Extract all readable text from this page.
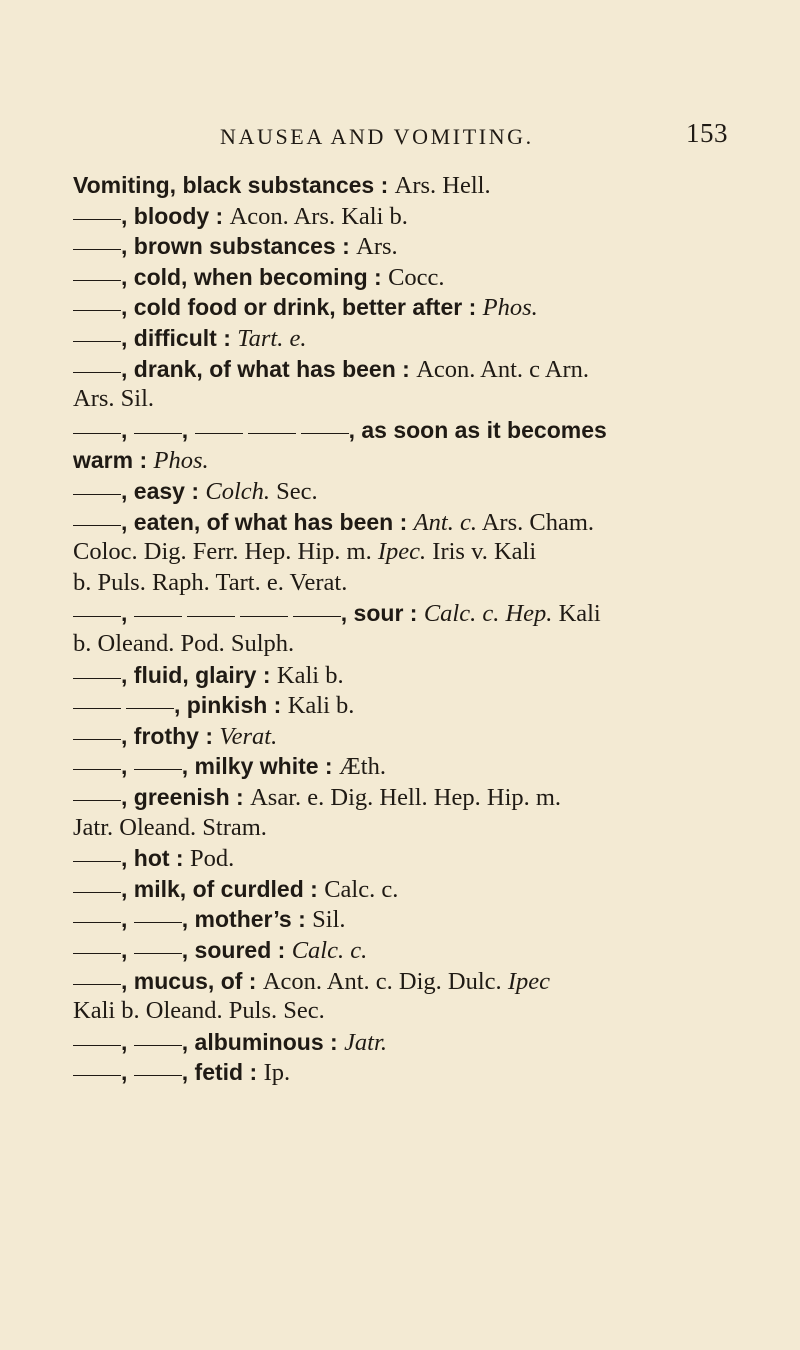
NAUSEA AND VOMITING.	153
Vomiting, black substances : Ars. Hell.
, bloody : Acon. Ars. Kali b.
, brown substances : Ars.
, cold, when becoming : Cocc.
, cold food or drink, better after : Phos.
, difficult : Tart. e.
, drank, of what has been : Acon. Ant. c Arn.
Ars. Sil.
, ,	, as soon as it becomes
warm : Phos.
, easy : Colch. Sec.
, eaten, of what has been : Ant. c. Ars. Cham.
Coloc. Dig. Ferr. Hep. Hip. m. Ipec. Iris v. Kali
b. Puls. Raph. Tart. e. Verat.
,	, sour : Calc. c. Hep. Kali
b. Oleand. Pod. Sulph.
, fluid, glairy : Kali b.
, pinkish : Kali b.
, frothy : Verat.
, , milky white : Æth.
, greenish : Asar. e. Dig. Hell. Hep. Hip. m.
Jatr. Oleand. Stram.
, hot : Pod.
, milk, of curdled : Calc. c.
, , mother’s : Sil.
, , soured : Calc. c.
, mucus, of : Acon. Ant. c. Dig. Dulc. Ipec
Kali b. Oleand. Puls. Sec.
, , albuminous : Jatr.
, , fetid : Ip.
